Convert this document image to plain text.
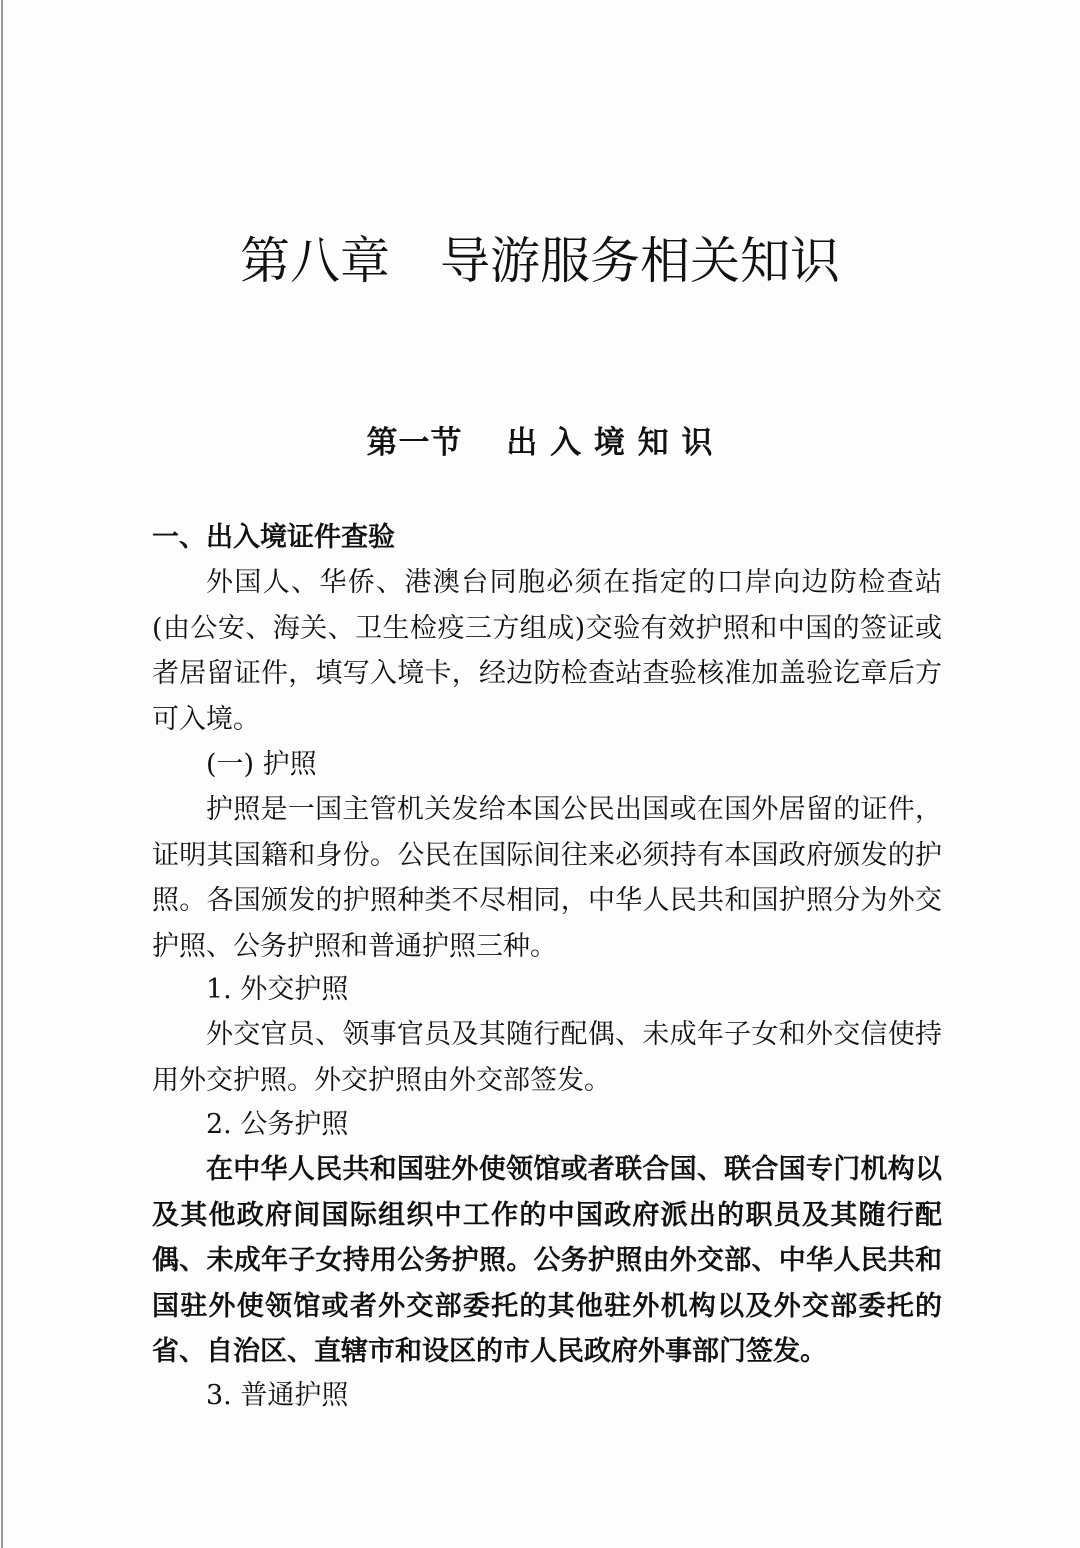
第八章　导游服务相关知识
第一节　 出 入 境 知 识
一、出入境证件查验

外国人、华侨、港澳台同胞必须在指定的口岸向边防检查站(由公安、海关、卫生检疫三方组成)交验有效护照和中国的签证或者居留证件，填写入境卡，经边防检查站查验核准加盖验讫章后方可入境。

(一) 护照

护照是一国主管机关发给本国公民出国或在国外居留的证件，证明其国籍和身份。公民在国际间往来必须持有本国政府颁发的护照。各国颁发的护照种类不尽相同，中华人民共和国护照分为外交护照、公务护照和普通护照三种。

1. 外交护照

外交官员、领事官员及其随行配偶、未成年子女和外交信使持用外交护照。外交护照由外交部签发。

2. 公务护照

在中华人民共和国驻外使领馆或者联合国、联合国专门机构以及其他政府间国际组织中工作的中国政府派出的职员及其随行配偶、未成年子女持用公务护照。公务护照由外交部、中华人民共和国驻外使领馆或者外交部委托的其他驻外机构以及外交部委托的省、自治区、直辖市和设区的市人民政府外事部门签发。

3. 普通护照
